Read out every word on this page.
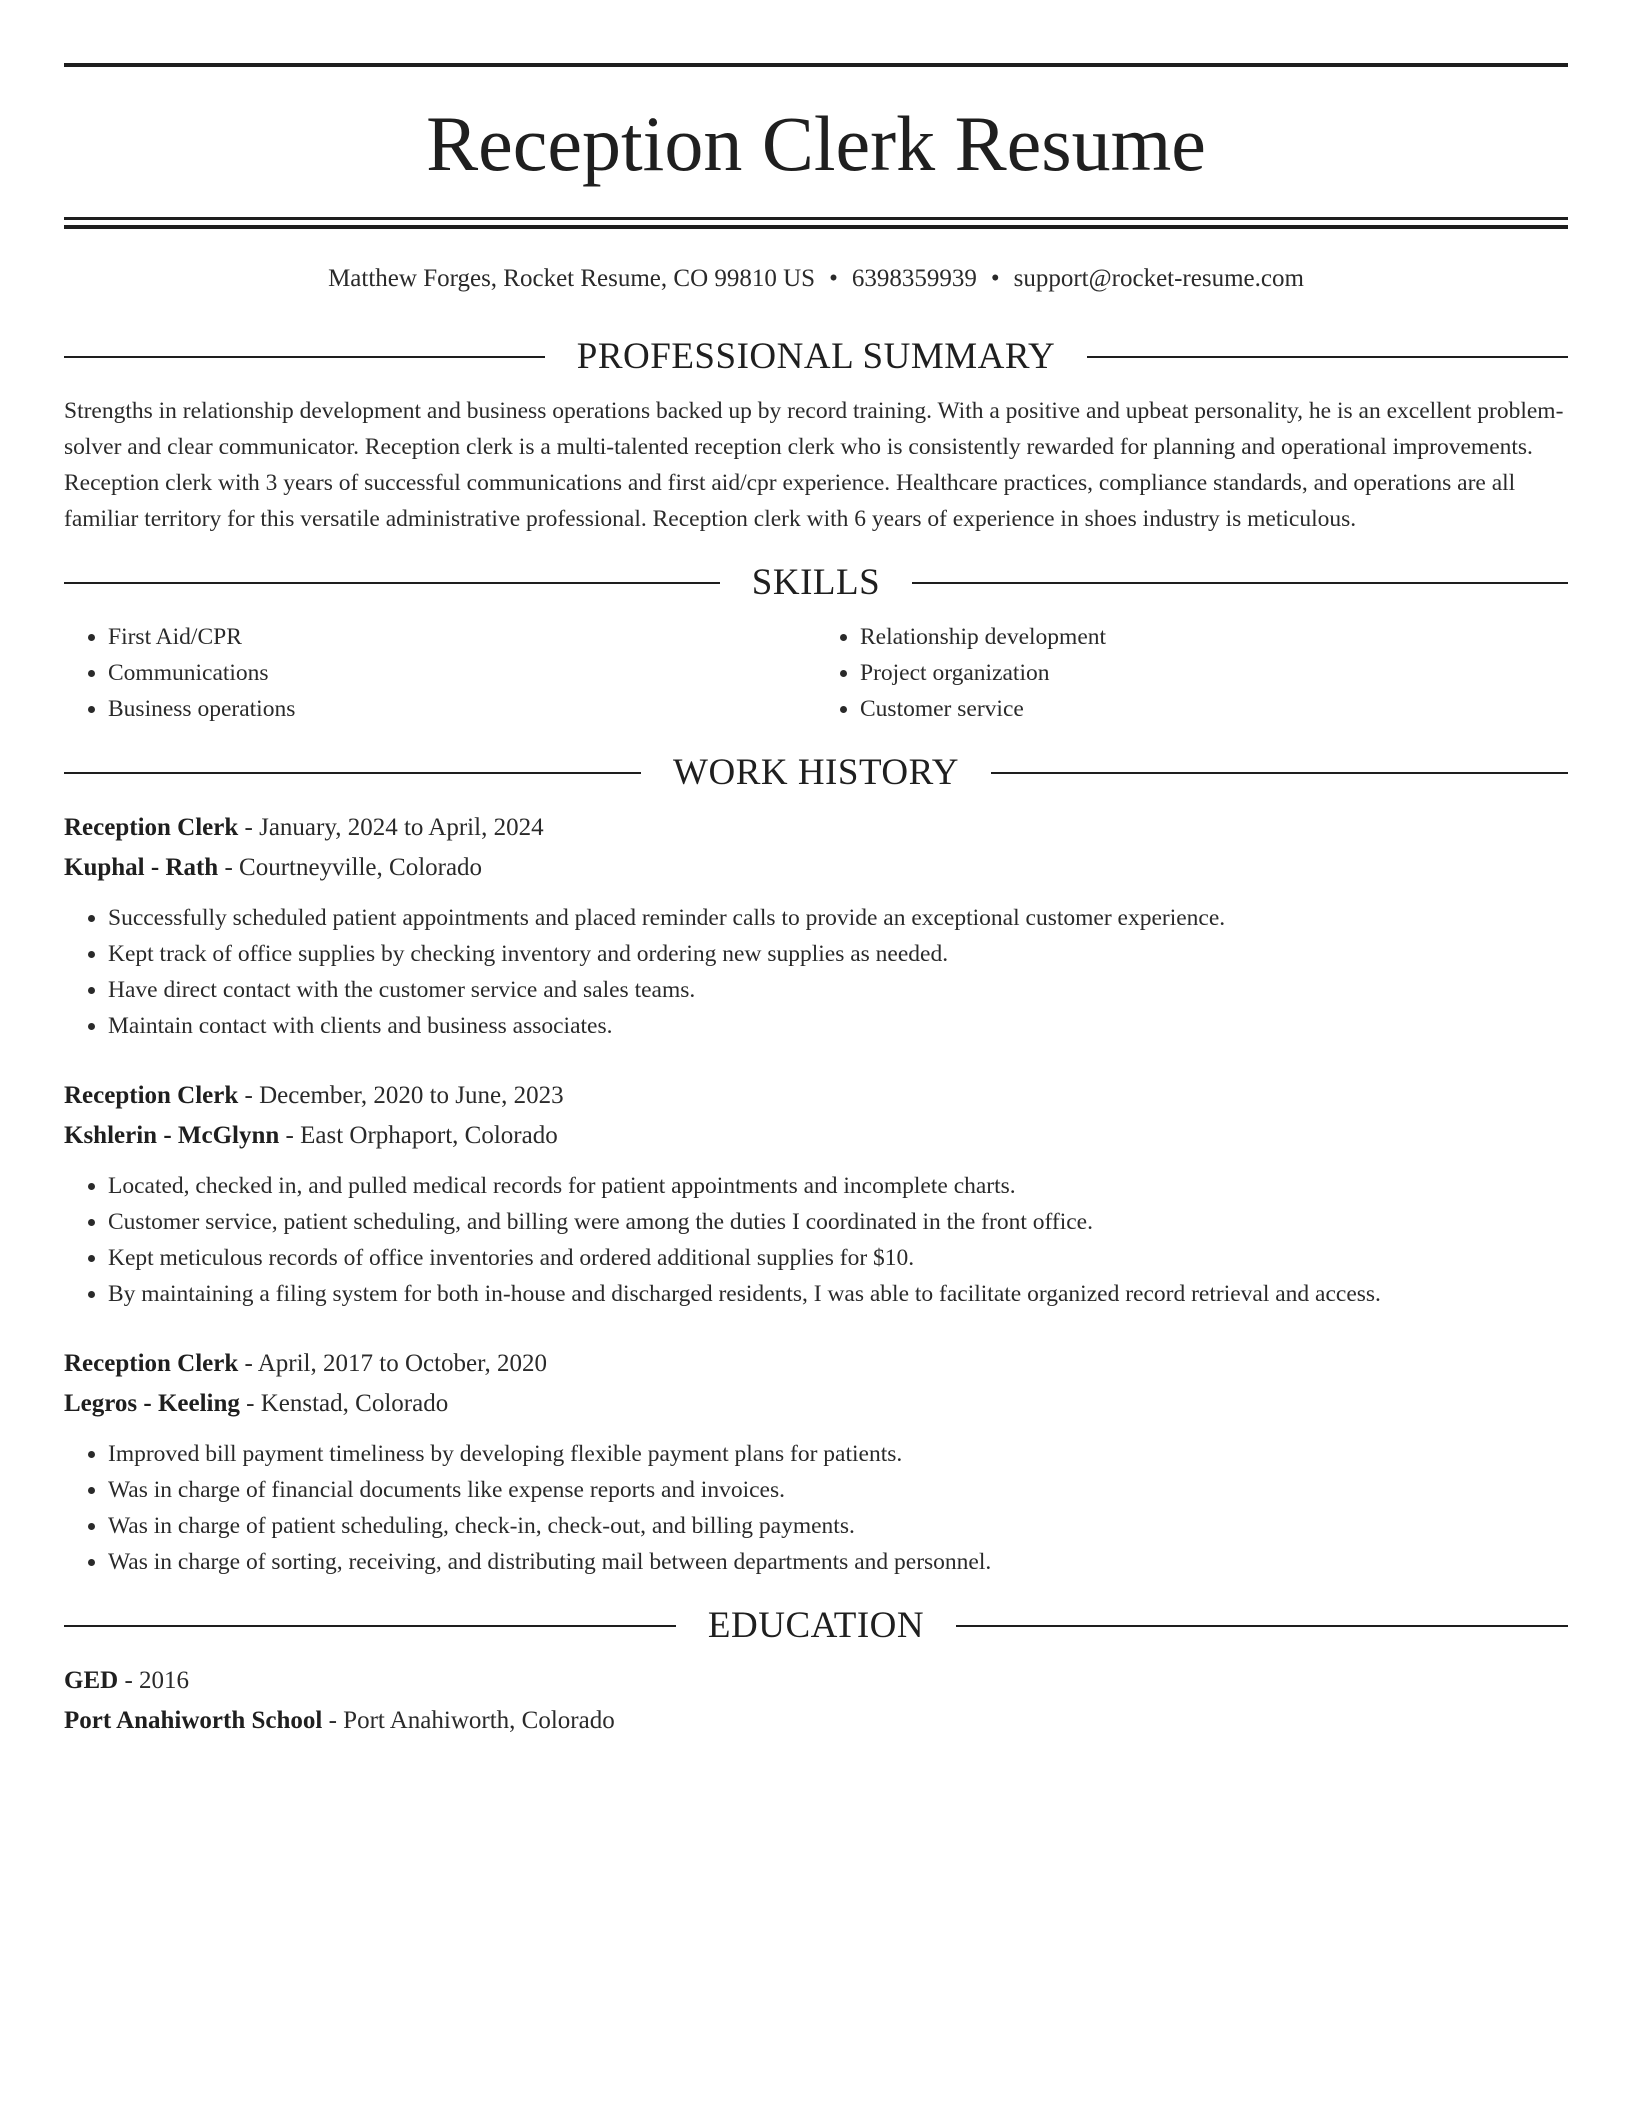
Reception Clerk Resume
Matthew Forges, Rocket Resume, CO 99810 US • 6398359939 • support@rocket-resume.com
PROFESSIONAL SUMMARY

Strengths in relationship development and business operations backed up by record training. With a positive and upbeat personality, he is an excellent problem-solver and clear communicator. Reception clerk is a multi-talented reception clerk who is consistently rewarded for planning and operational improvements. Reception clerk with 3 years of successful communications and first aid/cpr experience. Healthcare practices, compliance standards, and operations are all familiar territory for this versatile administrative professional. Reception clerk with 6 years of experience in shoes industry is meticulous.

SKILLS
• First Aid/CPR
• Communications
• Business operations
• Relationship development
• Project organization
• Customer service
WORK HISTORY
Reception Clerk - January, 2024 to April, 2024
Kuphal - Rath - Courtneyville, Colorado
• Successfully scheduled patient appointments and placed reminder calls to provide an exceptional customer experience.
• Kept track of office supplies by checking inventory and ordering new supplies as needed.
• Have direct contact with the customer service and sales teams.
• Maintain contact with clients and business associates.
Reception Clerk - December, 2020 to June, 2023
Kshlerin - McGlynn - East Orphaport, Colorado
• Located, checked in, and pulled medical records for patient appointments and incomplete charts.
• Customer service, patient scheduling, and billing were among the duties I coordinated in the front office.
• Kept meticulous records of office inventories and ordered additional supplies for $10.
• By maintaining a filing system for both in-house and discharged residents, I was able to facilitate organized record retrieval and access.
Reception Clerk - April, 2017 to October, 2020
Legros - Keeling - Kenstad, Colorado
• Improved bill payment timeliness by developing flexible payment plans for patients.
• Was in charge of financial documents like expense reports and invoices.
• Was in charge of patient scheduling, check-in, check-out, and billing payments.
• Was in charge of sorting, receiving, and distributing mail between departments and personnel.
EDUCATION
GED - 2016
Port Anahiworth School - Port Anahiworth, Colorado
